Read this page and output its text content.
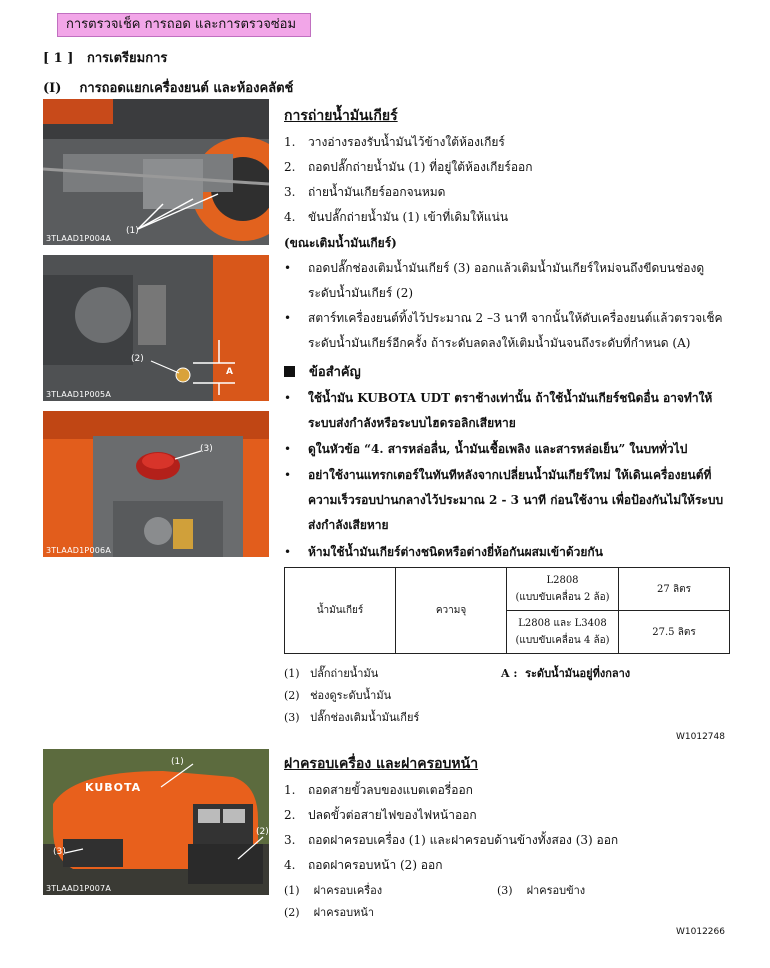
การตรวจเช็ค การถอด และการตรวจซ่อม
[ 1 ] การเตรียมการ
(I) การถอดแยกเครื่องยนต์ และห้องคลัตช์
(1)
3TLAAD1P004A
(2)
A
3TLAAD1P005A
(3)
3TLAAD1P006A
KUBOTA
(1)
(2)
(3)
3TLAAD1P007A
การถ่ายน้ำมันเกียร์
1. วางอ่างรองรับน้ำมันไว้ข้างใต้ห้องเกียร์
2. ถอดปลั๊กถ่ายน้ำมัน (1) ที่อยู่ใต้ห้องเกียร์ออก
3. ถ่ายน้ำมันเกียร์ออกจนหมด
4. ขันปลั๊กถ่ายน้ำมัน (1) เข้าที่เดิมให้แน่น
(ขณะเติมน้ำมันเกียร์)
• ถอดปลั๊กช่องเติมน้ำมันเกียร์ (3) ออกแล้วเติมน้ำมันเกียร์ใหม่จนถึงขีดบนช่องดูระดับน้ำมันเกียร์ (2)
• สตาร์ทเครื่องยนต์ทิ้งไว้ประมาณ 2 –3 นาที จากนั้นให้ดับเครื่องยนต์แล้วตรวจเช็คระดับน้ำมันเกียร์อีกครั้ง ถ้าระดับลดลงให้เติมน้ำมันจนถึงระดับที่กำหนด (A)
ข้อสำคัญ
• ใช้น้ำมัน KUBOTA UDT ตราช้างเท่านั้น ถ้าใช้น้ำมันเกียร์ชนิดอื่น อาจทำให้ระบบส่งกำลังหรือระบบไฮดรอลิกเสียหาย
• ดูในหัวข้อ “4. สารหล่อลื่น, น้ำมันเชื้อเพลิง และสารหล่อเย็น” ในบททั่วไป
• อย่าใช้งานแทรกเตอร์ในทันทีหลังจากเปลี่ยนน้ำมันเกียร์ใหม่ ให้เดินเครื่องยนต์ที่ความเร็วรอบปานกลางไว้ประมาณ 2 - 3 นาที ก่อนใช้งาน เพื่อป้องกันไม่ให้ระบบส่งกำลังเสียหาย
• ห้ามใช้น้ำมันเกียร์ต่างชนิดหรือต่างยี่ห้อกันผสมเข้าด้วยกัน
น้ำมันเกียร์	ความจุ	L2808
(แบบขับเคลื่อน 2 ล้อ)	27 ลิตร
		L2808 และ L3408
(แบบขับเคลื่อน 4 ล้อ)	27.5 ลิตร
(1) ปลั๊กถ่ายน้ำมัน	A : ระดับน้ำมันอยู่ที่งกลาง
(2) ช่องดูระดับน้ำมัน
(3) ปลั๊กช่องเติมน้ำมันเกียร์
W1012748
ฝาครอบเครื่อง และฝาครอบหน้า
1. ถอดสายขั้วลบของแบตเตอรี่ออก
2. ปลดขั้วต่อสายไฟของไฟหน้าออก
3. ถอดฝาครอบเครื่อง (1) และฝาครอบด้านข้างทั้งสอง (3) ออก
4. ถอดฝาครอบหน้า (2) ออก
(1) ฝาครอบเครื่อง	(3) ฝาครอบข้าง
(2) ฝาครอบหน้า
W1012266
